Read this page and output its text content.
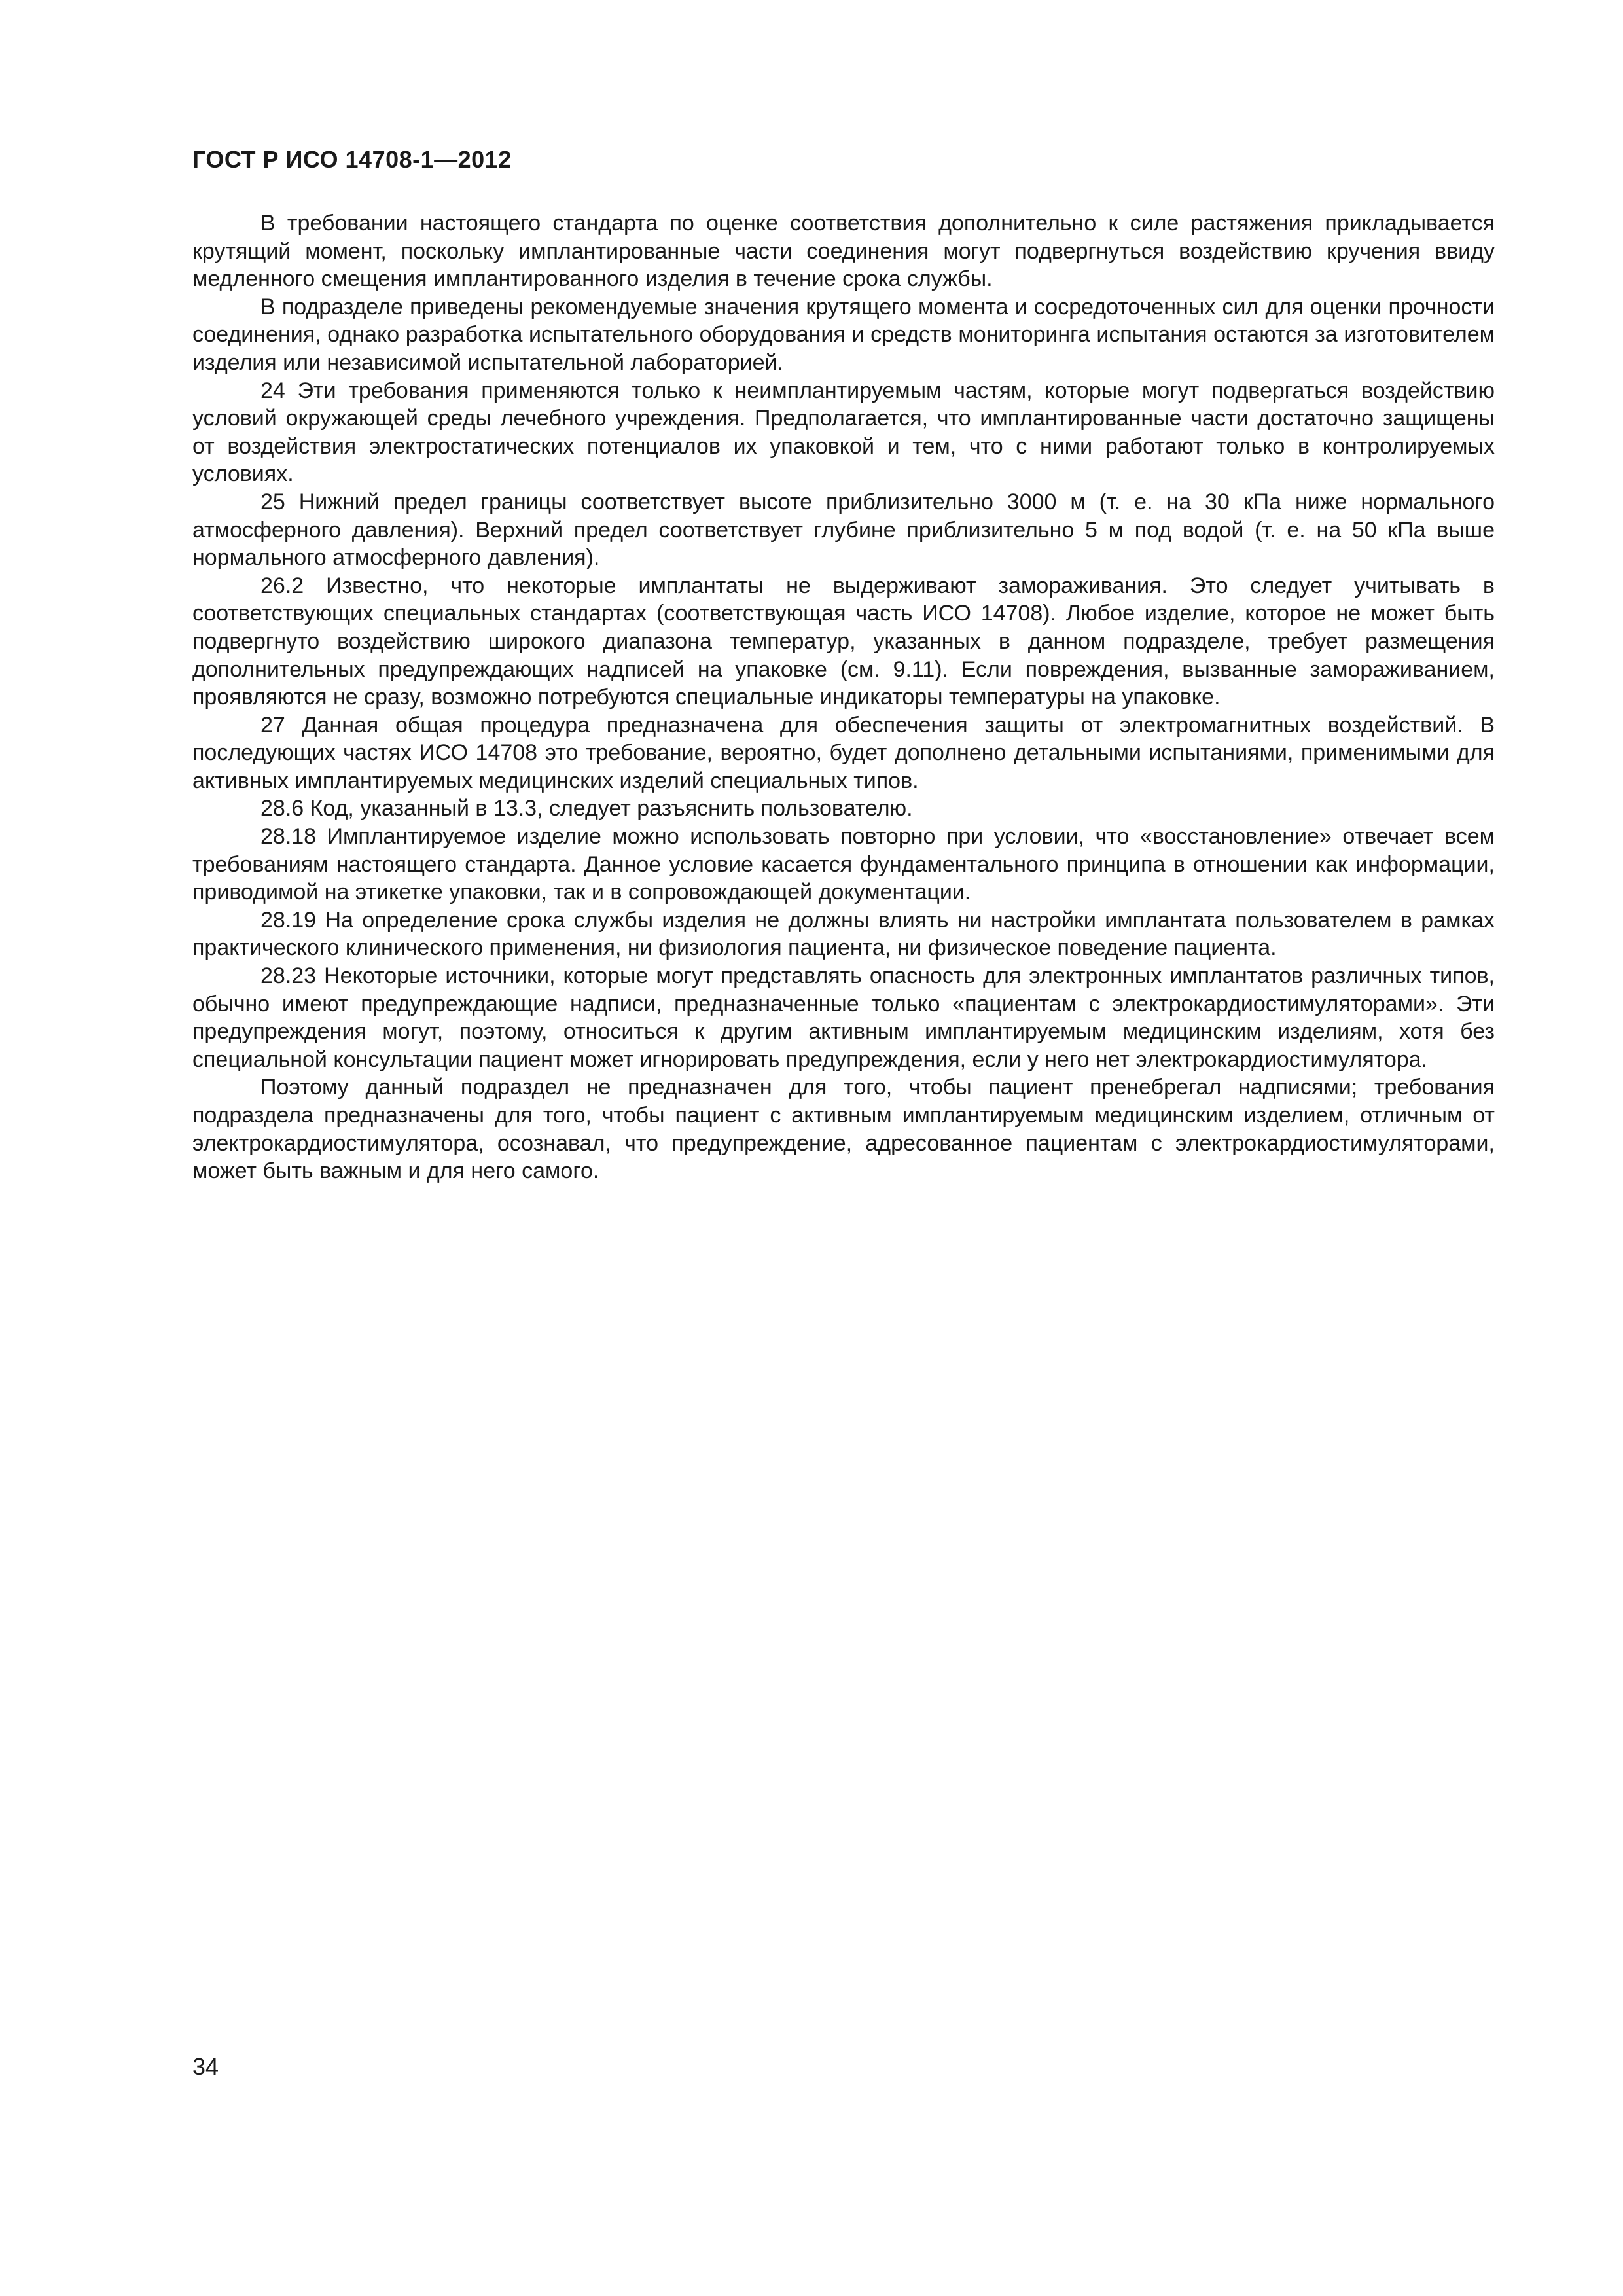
ГОСТ Р ИСО 14708-1—2012

В требовании настоящего стандарта по оценке соответствия дополнительно к силе растяжения прикладывается крутящий момент, поскольку имплантированные части соединения могут подвергнуться воздействию кручения ввиду медленного смещения имплантированного изделия в течение срока службы.

В подразделе приведены рекомендуемые значения крутящего момента и сосредоточенных сил для оценки прочности соединения, однако разработка испытательного оборудования и средств мониторинга испытания остаются за изготовителем изделия или независимой испытательной лабораторией.

24 Эти требования применяются только к неимплантируемым частям, которые могут подвергаться воздействию условий окружающей среды лечебного учреждения. Предполагается, что имплантированные части достаточно защищены от воздействия электростатических потенциалов их упаковкой и тем, что с ними работают только в контролируемых условиях.

25 Нижний предел границы соответствует высоте приблизительно 3000 м (т. е. на 30 кПа ниже нормального атмосферного давления). Верхний предел соответствует глубине приблизительно 5 м под водой (т. е. на 50 кПа выше нормального атмосферного давления).

26.2 Известно, что некоторые имплантаты не выдерживают замораживания. Это следует учитывать в соответствующих специальных стандартах (соответствующая часть ИСО 14708). Любое изделие, которое не может быть подвергнуто воздействию широкого диапазона температур, указанных в данном подразделе, требует размещения дополнительных предупреждающих надписей на упаковке (см. 9.11). Если повреждения, вызванные замораживанием, проявляются не сразу, возможно потребуются специальные индикаторы температуры на упаковке.

27 Данная общая процедура предназначена для обеспечения защиты от электромагнитных воздействий. В последующих частях ИСО 14708 это требование, вероятно, будет дополнено детальными испытаниями, применимыми для активных имплантируемых медицинских изделий специальных типов.

28.6 Код, указанный в 13.3, следует разъяснить пользователю.

28.18 Имплантируемое изделие можно использовать повторно при условии, что «восстановление» отвечает всем требованиям настоящего стандарта. Данное условие касается фундаментального принципа в отношении как информации, приводимой на этикетке упаковки, так и в сопровождающей документации.

28.19 На определение срока службы изделия не должны влиять ни настройки имплантата пользователем в рамках практического клинического применения, ни физиология пациента, ни физическое поведение пациента.

28.23 Некоторые источники, которые могут представлять опасность для электронных имплантатов различных типов, обычно имеют предупреждающие надписи, предназначенные только «пациентам с электрокардиостимуляторами». Эти предупреждения могут, поэтому, относиться к другим активным имплантируемым медицинским изделиям, хотя без специальной консультации пациент может игнорировать предупреждения, если у него нет электрокардиостимулятора.

Поэтому данный подраздел не предназначен для того, чтобы пациент пренебрегал надписями; требования подраздела предназначены для того, чтобы пациент с активным имплантируемым медицинским изделием, отличным от электрокардиостимулятора, осознавал, что предупреждение, адресованное пациентам с электрокардиостимуляторами, может быть важным и для него самого.

34
